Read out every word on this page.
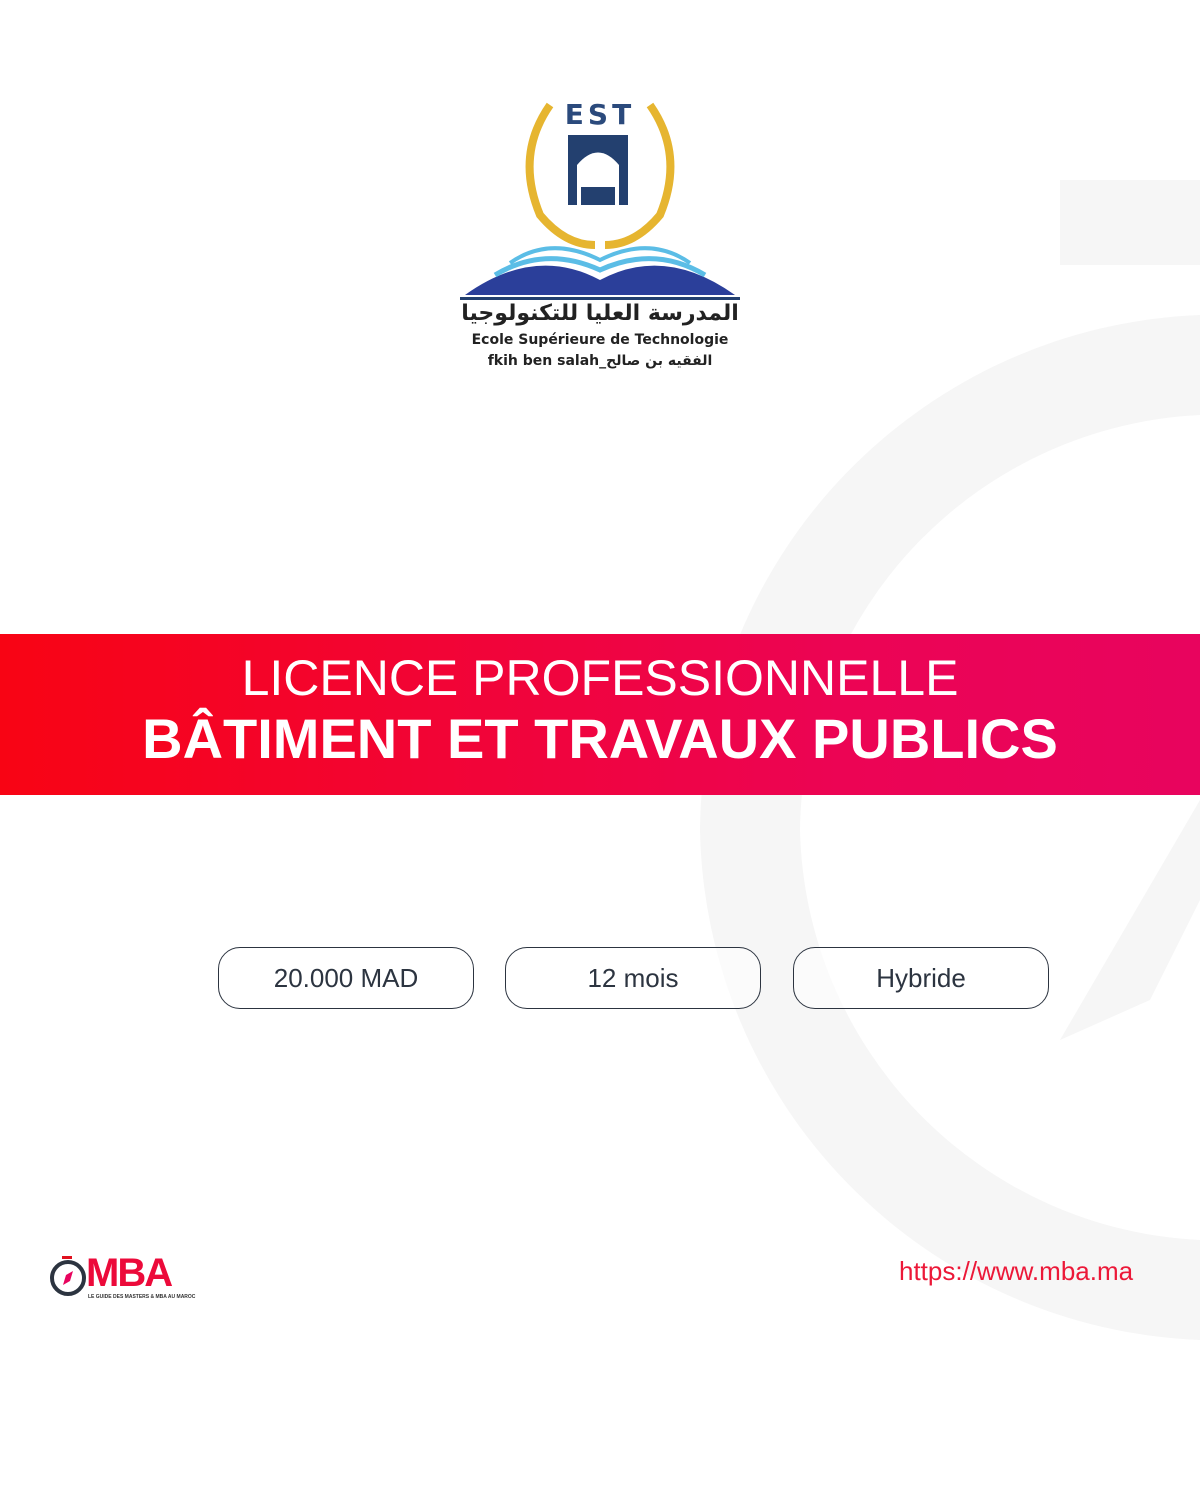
EST
المدرسة العليا للتكنولوجيا
Ecole Supérieure de Technologie
fkih ben salah_الفقيه بن صالح
LICENCE PROFESSIONNELLE
BÂTIMENT ET TRAVAUX PUBLICS
20.000 MAD	12 mois	Hybride
MBA
LE GUIDE DES MASTERS & MBA AU MAROC
https://www.mba.ma
